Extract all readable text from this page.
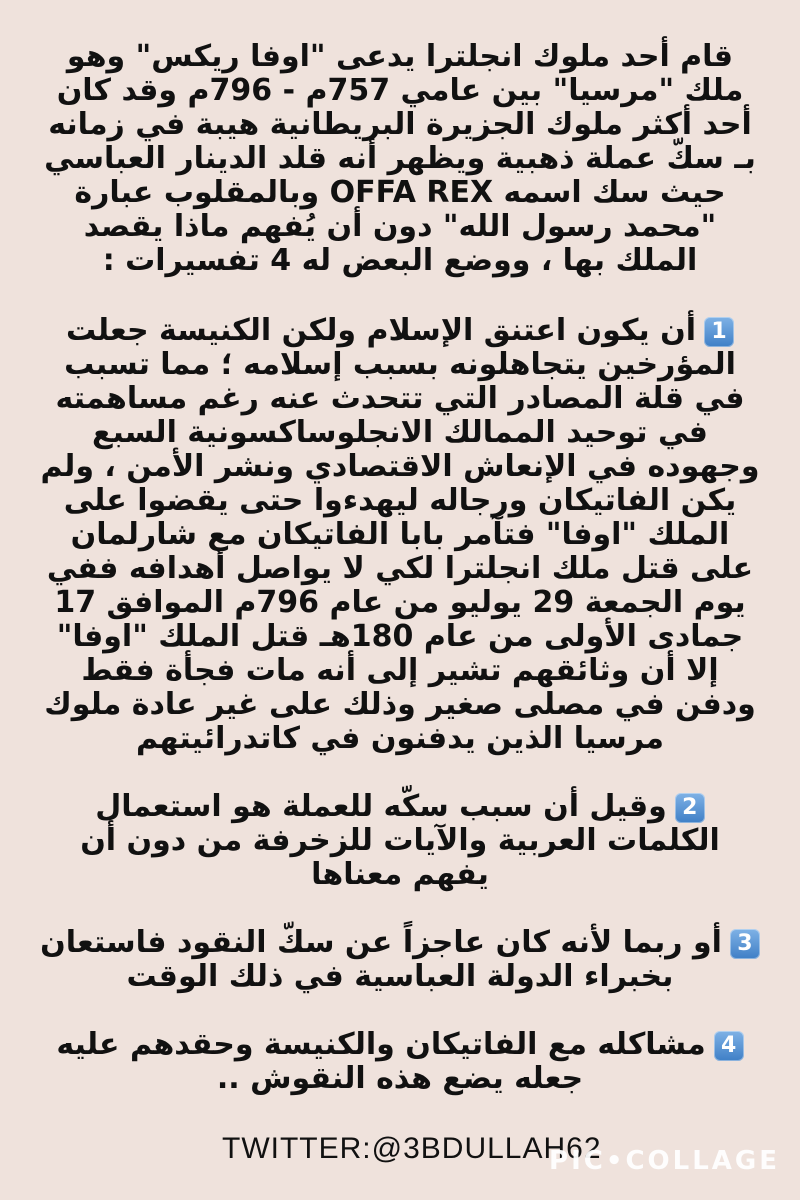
قام أحد ملوك انجلترا يدعى "اوفا ريكس" وهو ملك "مرسيا" بين عامي 757م - 796م وقد كان أحد أكثر ملوك الجزيرة البريطانية هيبة في زمانه بـ سكّ عملة ذهبية ويظهر أنه قلد الدينار العباسي حيث سك اسمه OFFA REX وبالمقلوب عبارة "محمد رسول الله" دون أن يُفهم ماذا يقصد الملك بها ، ووضع البعض له 4 تفسيرات :

1أن يكون اعتنق الإسلام ولكن الكنيسة جعلت المؤرخين يتجاهلونه بسبب إسلامه ؛ مما تسبب في قلة المصادر التي تتحدث عنه رغم مساهمته في توحيد الممالك الانجلوساكسونية السبع وجهوده في الإنعاش الاقتصادي ونشر الأمن ، ولم يكن الفاتيكان ورجاله ليهدءوا حتى يقضوا على الملك "اوفا" فتآمر بابا الفاتيكان مع شارلمان على قتل ملك انجلترا لكي لا يواصل أهدافه ففي يوم الجمعة 29 يوليو من عام 796م الموافق 17 جمادى الأولى من عام 180هـ قتل الملك "اوفا" إلا أن وثائقهم تشير إلى أنه مات فجأة فقط ودفن في مصلى صغير وذلك على غير عادة ملوك مرسيا الذين يدفنون في كاتدرائيتهم

2وقيل أن سبب سكّه للعملة هو استعمال الكلمات العربية والآيات للزخرفة من دون أن يفهم معناها

3أو ربما لأنه كان عاجزاً عن سكّ النقود فاستعان بخبراء الدولة العباسية في ذلك الوقت

4مشاكله مع الفاتيكان والكنيسة وحقدهم عليه جعله يضع هذه النقوش ..

TWITTER:@3BDULLAH62
PIC•COLLAGE
